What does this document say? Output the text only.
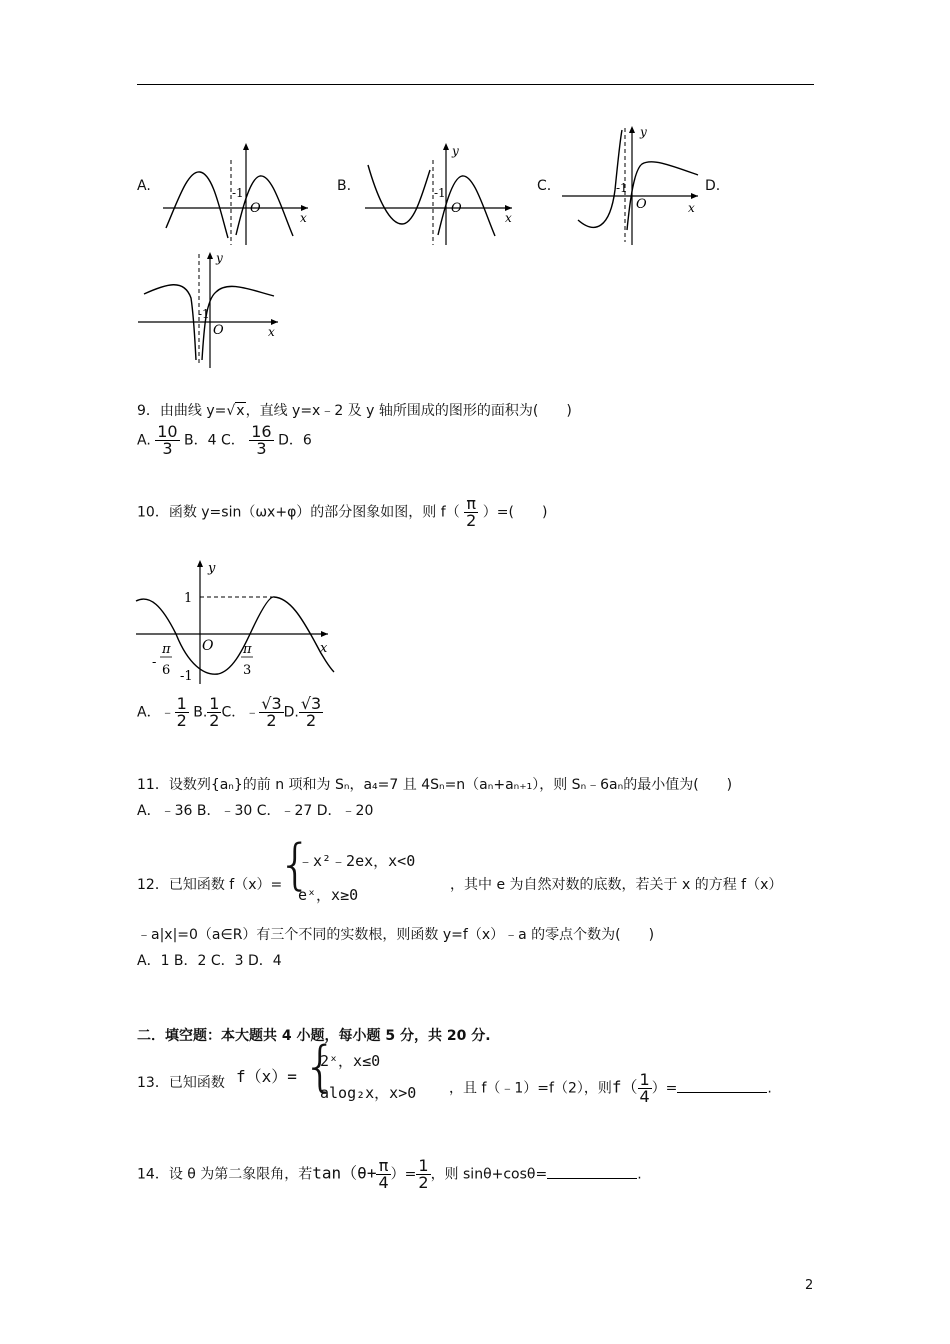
A.	-1
O
x
B.
y
-1
O
x
C.
y
-1
O	x
D.
y
-1
O	x
9．由曲线 y=√x，直线 y=x﹣2 及 y 轴所围成的图形的面积为(　　)
A. $\frac{10}{3}$ B．4 C． $\frac{16}{3}$ D．6
10．函数 y=sin（ωx+φ）的部分图象如图，则 $f( \frac{\pi}{2}$ ）=(　　)
y
1
O	x
-1
-
π
6
π
3
A．﹣ $\frac{1}{2} B$. $\frac{1}{2}$ C．﹣ $\frac{√3}{2} D$. $\frac{√3}{2}$
11．设数列{aₙ}的前 n 项和为 Sₙ，a₄=7 且 4Sₙ=n（aₙ+aₙ₊₁），则 Sₙ﹣6aₙ的最小值为(　　)
A．﹣36 B．﹣30 C．﹣27 D．﹣20
12．已知函数 f（x）=
{
﹣x²﹣2ex，x<0
eˣ，x≥0
，其中 e 为自然对数的底数，若关于 x 的方程 f（x）
﹣a|x|=0（a∈R）有三个不同的实数根，则函数 y=f（x）﹣a 的零点个数为(　　)
A．1 B．2 C．3 D．4
二．填空题：本大题共 4 小题，每小题 5 分，共 20 分.
13．已知函数 f（x）= {
2ˣ，x≤0
alog₂x，x>0 ，且 f（﹣1）=f（2），则$f( \frac{1}{4}$ ）=	.
14．设 θ 为第二象限角，若$\tan(\theta+ \frac{\pi}{4}$ ）= $\frac{1}{2}$ ，则 sinθ+cosθ=	.
2
